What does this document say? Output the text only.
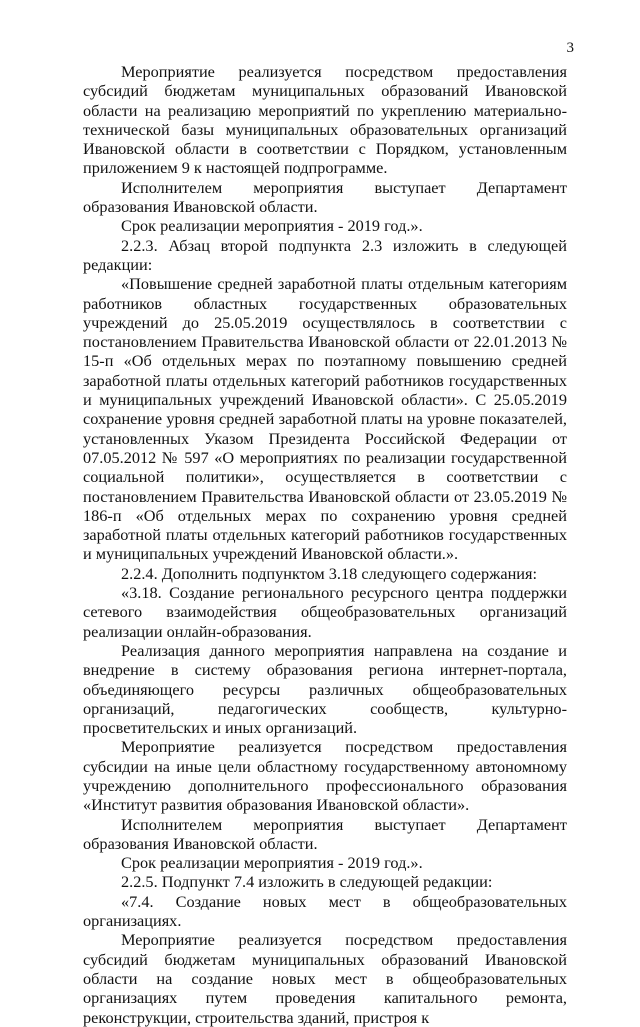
3

Мероприятие реализуется посредством предоставления субсидий бюджетам муниципальных образований Ивановской области на реализацию мероприятий по укреплению материально-технической базы муниципальных образовательных организаций Ивановской области в соответствии с Порядком, установленным приложением 9 к настоящей подпрограмме.

Исполнителем мероприятия выступает Департамент образования Ивановской области.

Срок реализации мероприятия - 2019 год.».

2.2.3. Абзац второй подпункта 2.3 изложить в следующей редакции:

«Повышение средней заработной платы отдельным категориям работников областных государственных образовательных учреждений до 25.05.2019 осуществлялось в соответствии с постановлением Правительства Ивановской области от 22.01.2013 № 15-п «Об отдельных мерах по поэтапному повышению средней заработной платы отдельных категорий работников государственных и муниципальных учреждений Ивановской области». С 25.05.2019 сохранение уровня средней заработной платы на уровне показателей, установленных Указом Президента Российской Федерации от 07.05.2012 № 597 «О мероприятиях по реализации государственной социальной политики», осуществляется в соответствии с постановлением Правительства Ивановской области от 23.05.2019 № 186-п «Об отдельных мерах по сохранению уровня средней заработной платы отдельных категорий работников государственных и муниципальных учреждений Ивановской области.».

2.2.4. Дополнить подпунктом 3.18 следующего содержания:

«3.18. Создание регионального ресурсного центра поддержки сетевого взаимодействия общеобразовательных организаций реализации онлайн-образования.

Реализация данного мероприятия направлена на создание и внедрение в систему образования региона интернет-портала, объединяющего ресурсы различных общеобразовательных организаций, педагогических сообществ, культурно-просветительских и иных организаций.

Мероприятие реализуется посредством предоставления субсидии на иные цели областному государственному автономному учреждению дополнительного профессионального образования «Институт развития образования Ивановской области».

Исполнителем мероприятия выступает Департамент образования Ивановской области.

Срок реализации мероприятия - 2019 год.».

2.2.5. Подпункт 7.4 изложить в следующей редакции:

«7.4. Создание новых мест в общеобразовательных организациях.

Мероприятие реализуется посредством предоставления субсидий бюджетам муниципальных образований Ивановской области на создание новых мест в общеобразовательных организациях путем проведения капитального ремонта, реконструкции, строительства зданий, пристроя к
